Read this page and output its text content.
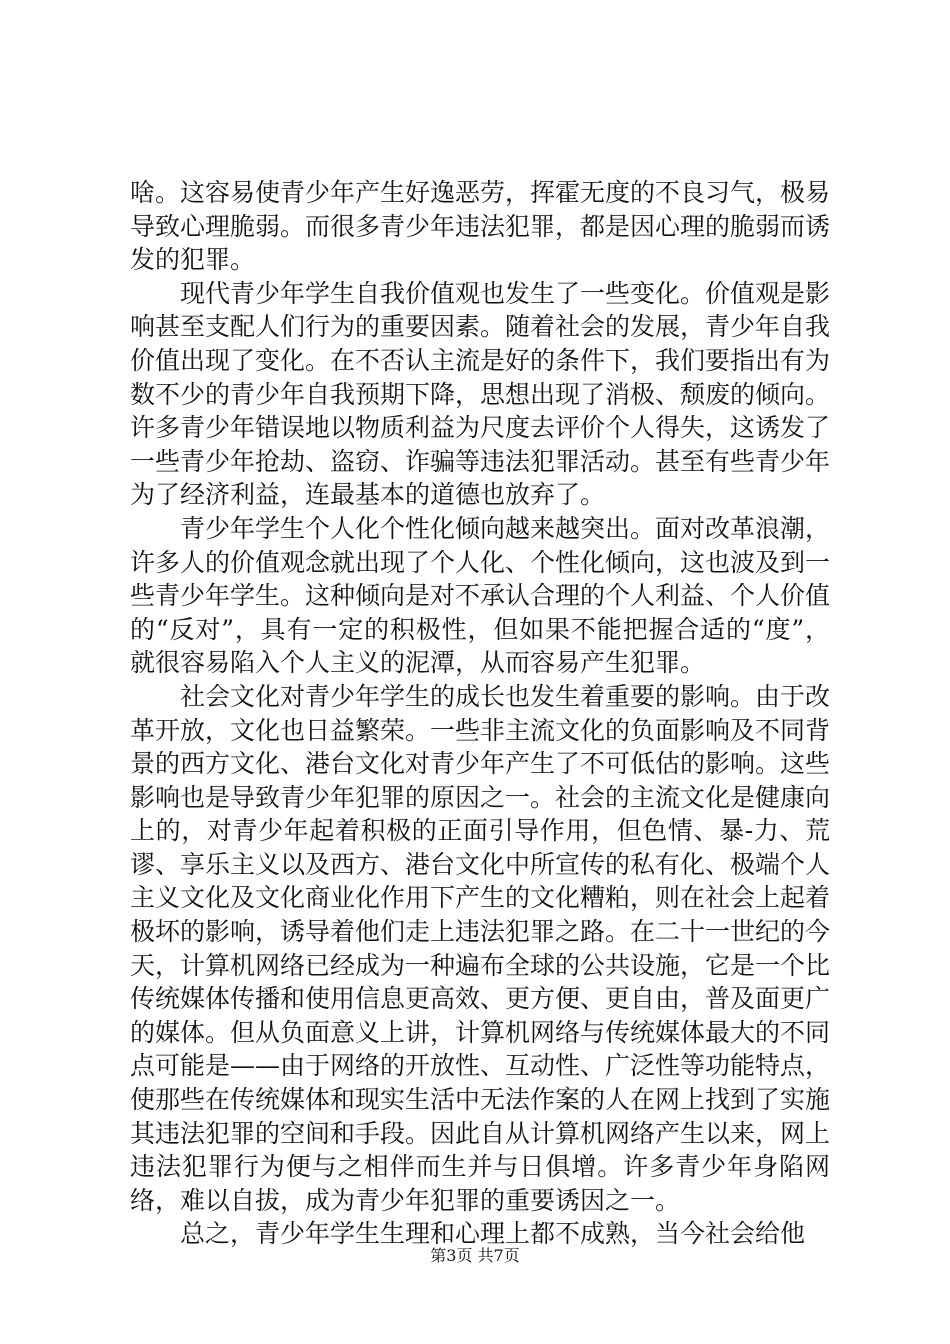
啥。这容易使青少年产生好逸恶劳，挥霍无度的不良习气，极易导致心理脆弱。而很多青少年违法犯罪，都是因心理的脆弱而诱发的犯罪。

现代青少年学生自我价值观也发生了一些变化。价值观是影响甚至支配人们行为的重要因素。随着社会的发展，青少年自我价值出现了变化。在不否认主流是好的条件下，我们要指出有为数不少的青少年自我预期下降，思想出现了消极、颓废的倾向。许多青少年错误地以物质利益为尺度去评价个人得失，这诱发了一些青少年抢劫、盗窃、诈骗等违法犯罪活动。甚至有些青少年为了经济利益，连最基本的道德也放弃了。

青少年学生个人化个性化倾向越来越突出。面对改革浪潮，许多人的价值观念就出现了个人化、个性化倾向，这也波及到一些青少年学生。这种倾向是对不承认合理的个人利益、个人价值的“反对”，具有一定的积极性，但如果不能把握合适的“度”，就很容易陷入个人主义的泥潭，从而容易产生犯罪。

社会文化对青少年学生的成长也发生着重要的影响。由于改革开放，文化也日益繁荣。一些非主流文化的负面影响及不同背景的西方文化、港台文化对青少年产生了不可低估的影响。这些影响也是导致青少年犯罪的原因之一。社会的主流文化是健康向上的，对青少年起着积极的正面引导作用，但色情、暴-力、荒谬、享乐主义以及西方、港台文化中所宣传的私有化、极端个人主义文化及文化商业化作用下产生的文化糟粕，则在社会上起着极坏的影响，诱导着他们走上违法犯罪之路。在二十一世纪的今天，计算机网络已经成为一种遍布全球的公共设施，它是一个比传统媒体传播和使用信息更高效、更方便、更自由，普及面更广的媒体。但从负面意义上讲，计算机网络与传统媒体最大的不同点可能是——由于网络的开放性、互动性、广泛性等功能特点，使那些在传统媒体和现实生活中无法作案的人在网上找到了实施其违法犯罪的空间和手段。因此自从计算机网络产生以来，网上违法犯罪行为便与之相伴而生并与日俱增。许多青少年身陷网络，难以自拔，成为青少年犯罪的重要诱因之一。

总之，青少年学生生理和心理上都不成熟，当今社会给他

第3页 共7页
